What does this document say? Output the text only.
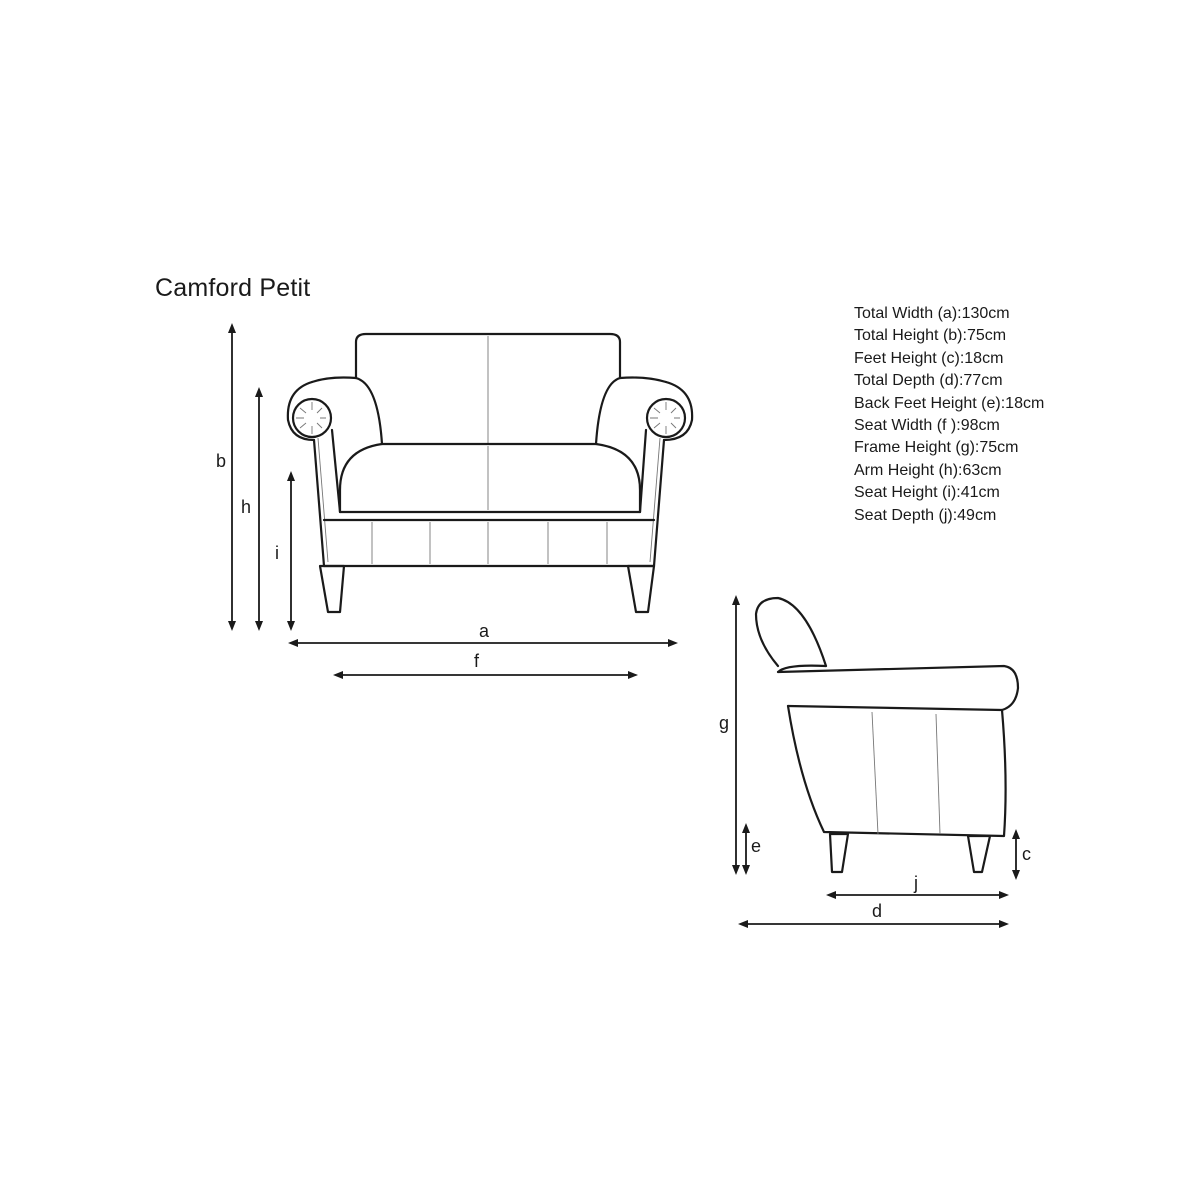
Camford Petit
Total Width (a):130cm
Total Height (b):75cm
Feet Height (c):18cm
Total Depth (d):77cm
Back Feet Height (e):18cm
Seat Width (f ):98cm
Frame Height (g):75cm
Arm Height (h):63cm
Seat Height (i):41cm
Seat Depth (j):49cm
b
h
i
a
f
g
e	c
j
d
